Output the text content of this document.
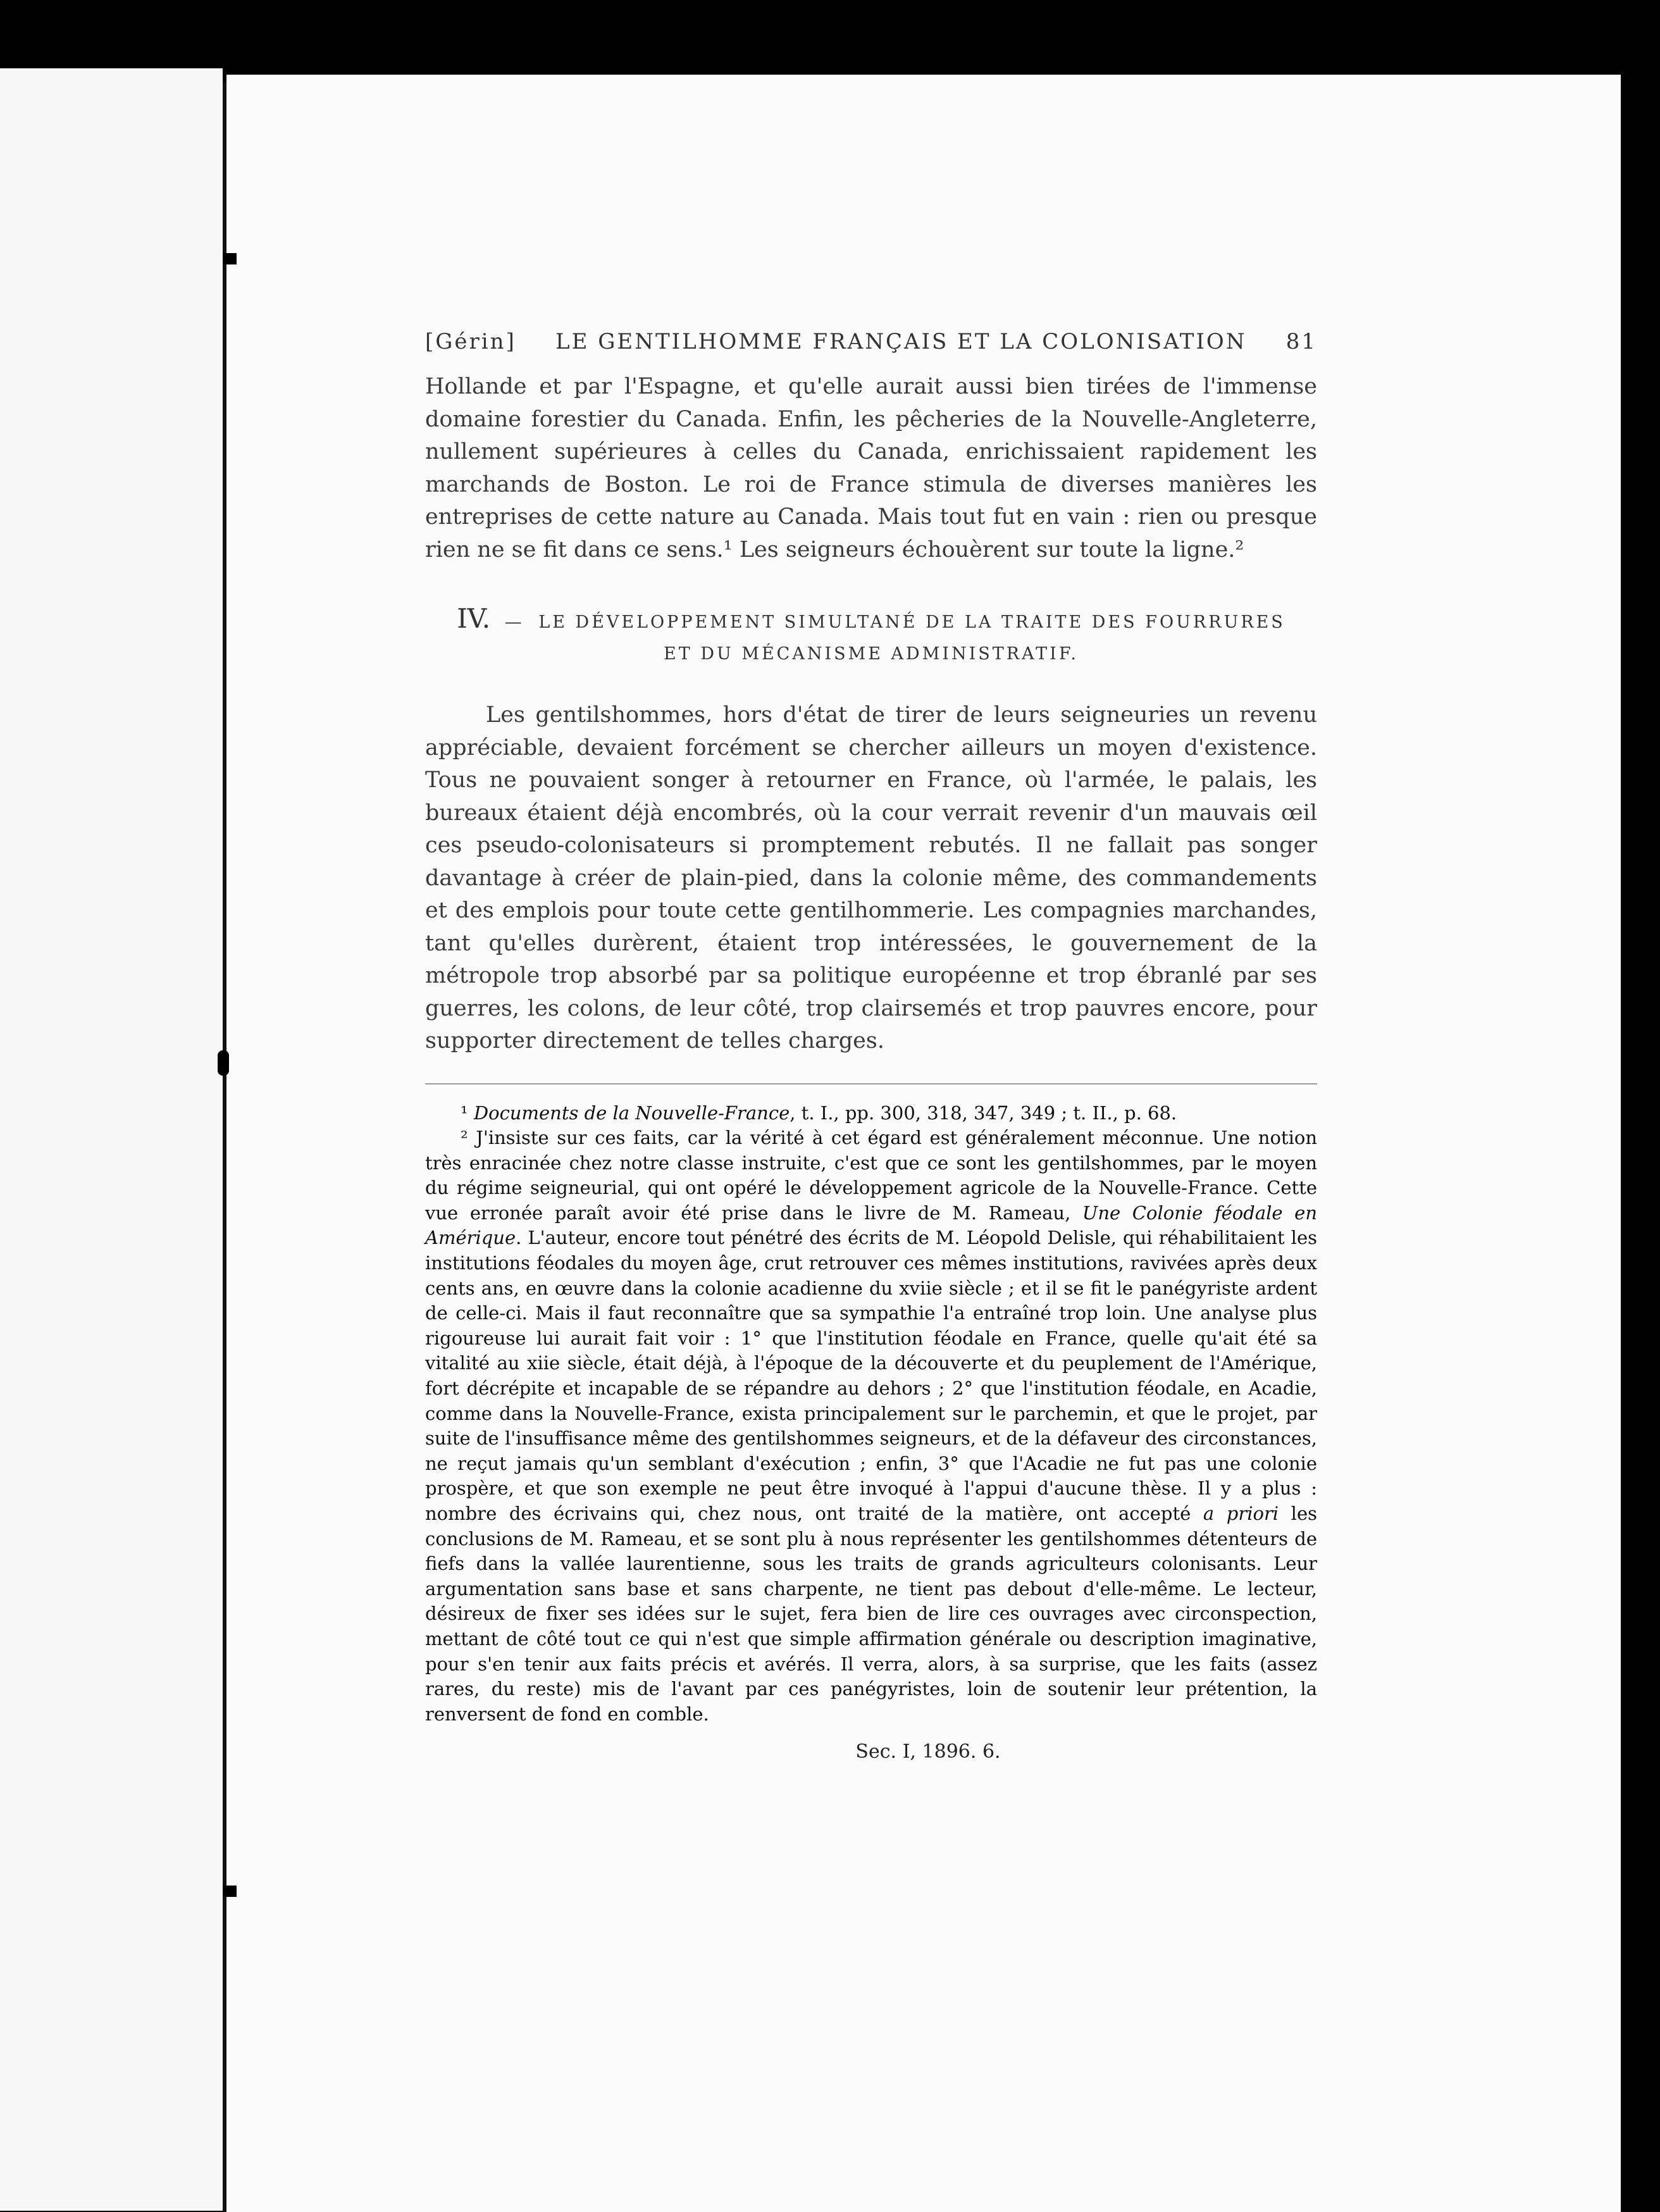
[Gérin]	LE GENTILHOMME FRANÇAIS ET LA COLONISATION	81

Hollande et par l'Espagne, et qu'elle aurait aussi bien tirées de l'immense domaine forestier du Canada. Enfin, les pêcheries de la Nouvelle-Angleterre, nullement supérieures à celles du Canada, enrichissaient rapidement les marchands de Boston. Le roi de France stimula de diverses manières les entreprises de cette nature au Canada. Mais tout fut en vain : rien ou presque rien ne se fit dans ce sens.¹ Les seigneurs échouèrent sur toute la ligne.²

IV. — LE DÉVELOPPEMENT SIMULTANÉ DE LA TRAITE DES FOURRURES
ET DU MÉCANISME ADMINISTRATIF.

Les gentilshommes, hors d'état de tirer de leurs seigneuries un revenu appréciable, devaient forcément se chercher ailleurs un moyen d'existence. Tous ne pouvaient songer à retourner en France, où l'armée, le palais, les bureaux étaient déjà encombrés, où la cour verrait revenir d'un mauvais œil ces pseudo-colonisateurs si promptement rebutés. Il ne fallait pas songer davantage à créer de plain-pied, dans la colonie même, des commandements et des emplois pour toute cette gentilhommerie. Les compagnies marchandes, tant qu'elles durèrent, étaient trop intéressées, le gouvernement de la métropole trop absorbé par sa politique européenne et trop ébranlé par ses guerres, les colons, de leur côté, trop clairsemés et trop pauvres encore, pour supporter directement de telles charges.

¹ Documents de la Nouvelle-France, t. I., pp. 300, 318, 347, 349 ; t. II., p. 68.

² J'insiste sur ces faits, car la vérité à cet égard est généralement méconnue. Une notion très enracinée chez notre classe instruite, c'est que ce sont les gentilshommes, par le moyen du régime seigneurial, qui ont opéré le développement agricole de la Nouvelle-France. Cette vue erronée paraît avoir été prise dans le livre de M. Rameau, Une Colonie féodale en Amérique. L'auteur, encore tout pénétré des écrits de M. Léopold Delisle, qui réhabilitaient les institutions féodales du moyen âge, crut retrouver ces mêmes institutions, ravivées après deux cents ans, en œuvre dans la colonie acadienne du xviie siècle ; et il se fit le panégyriste ardent de celle-ci. Mais il faut reconnaître que sa sympathie l'a entraîné trop loin. Une analyse plus rigoureuse lui aurait fait voir : 1° que l'institution féodale en France, quelle qu'ait été sa vitalité au xiie siècle, était déjà, à l'époque de la découverte et du peuplement de l'Amérique, fort décrépite et incapable de se répandre au dehors ; 2° que l'institution féodale, en Acadie, comme dans la Nouvelle-France, exista principalement sur le parchemin, et que le projet, par suite de l'insuffisance même des gentilshommes seigneurs, et de la défaveur des circonstances, ne reçut jamais qu'un semblant d'exécution ; enfin, 3° que l'Acadie ne fut pas une colonie prospère, et que son exemple ne peut être invoqué à l'appui d'aucune thèse. Il y a plus : nombre des écrivains qui, chez nous, ont traité de la matière, ont accepté a priori les conclusions de M. Rameau, et se sont plu à nous représenter les gentilshommes détenteurs de fiefs dans la vallée laurentienne, sous les traits de grands agriculteurs colonisants. Leur argumentation sans base et sans charpente, ne tient pas debout d'elle-même. Le lecteur, désireux de fixer ses idées sur le sujet, fera bien de lire ces ouvrages avec circonspection, mettant de côté tout ce qui n'est que simple affirmation générale ou description imaginative, pour s'en tenir aux faits précis et avérés. Il verra, alors, à sa surprise, que les faits (assez rares, du reste) mis de l'avant par ces panégyristes, loin de soutenir leur prétention, la renversent de fond en comble.

Sec. I, 1896. 6.
